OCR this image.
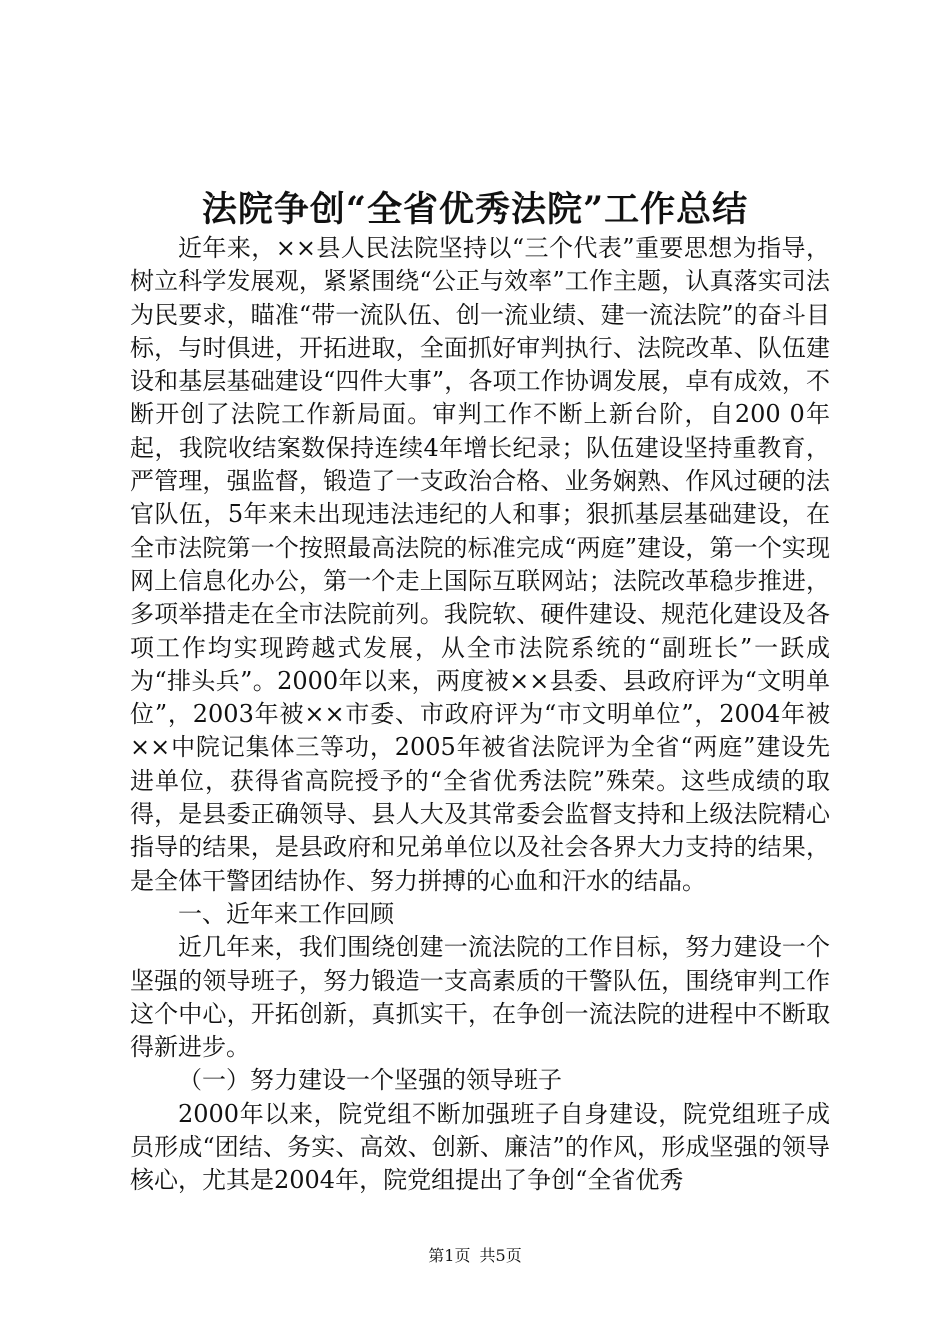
法院争创“全省优秀法院”工作总结

近年来，××县人民法院坚持以“三个代表”重要思想为指导，树立科学发展观，紧紧围绕“公正与效率”工作主题，认真落实司法为民要求，瞄准“带一流队伍、创一流业绩、建一流法院”的奋斗目标，与时俱进，开拓进取，全面抓好审判执行、法院改革、队伍建设和基层基础建设“四件大事”，各项工作协调发展，卓有成效，不断开创了法院工作新局面。审判工作不断上新台阶，自200 0年起，我院收结案数保持连续4年增长纪录；队伍建设坚持重教育，严管理，强监督，锻造了一支政治合格、业务娴熟、作风过硬的法官队伍，5年来未出现违法违纪的人和事；狠抓基层基础建设，在全市法院第一个按照最高法院的标准完成“两庭”建设，第一个实现网上信息化办公，第一个走上国际互联网站；法院改革稳步推进，多项举措走在全市法院前列。我院软、硬件建设、规范化建设及各项工作均实现跨越式发展，从全市法院系统的“副班长”一跃成为“排头兵”。2000年以来，两度被××县委、县政府评为“文明单位”，2003年被××市委、市政府评为“市文明单位”，2004年被××中院记集体三等功，2005年被省法院评为全省“两庭”建设先进单位，获得省高院授予的“全省优秀法院”殊荣。这些成绩的取得，是县委正确领导、县人大及其常委会监督支持和上级法院精心指导的结果，是县政府和兄弟单位以及社会各界大力支持的结果，是全体干警团结协作、努力拼搏的心血和汗水的结晶。

一、近年来工作回顾

近几年来，我们围绕创建一流法院的工作目标，努力建设一个坚强的领导班子，努力锻造一支高素质的干警队伍，围绕审判工作这个中心，开拓创新，真抓实干，在争创一流法院的进程中不断取得新进步。

（一）努力建设一个坚强的领导班子

2000年以来，院党组不断加强班子自身建设，院党组班子成员形成“团结、务实、高效、创新、廉洁”的作风，形成坚强的领导核心，尤其是2004年，院党组提出了争创“全省优秀

第1页 共5页
